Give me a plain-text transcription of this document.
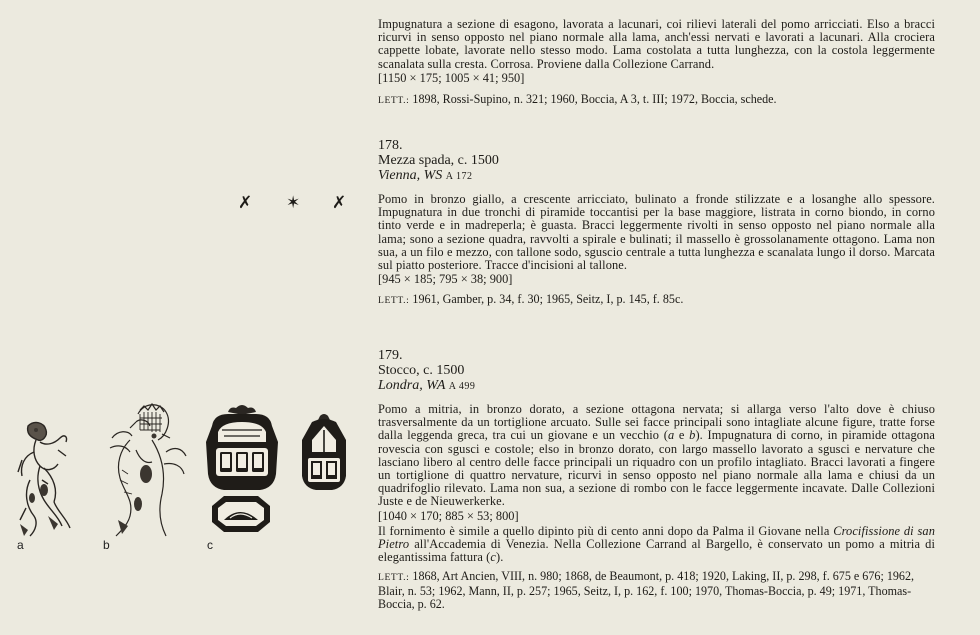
Impugnatura a sezione di esagono, lavorata a lacunari, coi rilievi laterali del pomo arricciati. Elso a bracci ricurvi in senso opposto nel piano normale alla lama, anch'essi nervati e lavorati a lacunari. Alla crociera cappette lobate, lavorate nello stesso modo. Lama costolata a tutta lunghezza, con la costola leggermente scanalata sulla cresta. Corrosa. Proviene dalla Collezione Carrand.

[1150 × 175; 1005 × 41; 950]
LETT.: 1898, Rossi-Supino, n. 321; 1960, Boccia, A 3, t. III; 1972, Boccia, schede.
178.
Mezza spada, c. 1500
Vienna, WS A 172

Pomo in bronzo giallo, a crescente arricciato, bulinato a fronde stilizzate e a losanghe allo spessore. Impugnatura in due tronchi di piramide toccantisi per la base maggiore, listrata in corno biondo, in corno tinto verde e in madreperla; è guasta. Bracci leggermente rivolti in senso opposto nel piano normale alla lama; sono a sezione quadra, ravvolti a spirale e bulinati; il massello è grossolanamente ottagono. Lama non sua, a un filo e mezzo, con tallone sodo, sguscio centrale a tutta lunghezza e scanalata lungo il dorso. Marcata sul piatto posteriore. Tracce d'incisioni al tallone.

[945 × 185; 795 × 38; 900]
LETT.: 1961, Gamber, p. 34, f. 30; 1965, Seitz, I, p. 145, f. 85c.
✗ ✶ ✗
179.
Stocco, c. 1500
Londra, WA A 499

Pomo a mitria, in bronzo dorato, a sezione ottagona nervata; si allarga verso l'alto dove è chiuso trasversalmente da un tortiglione arcuato. Sulle sei facce principali sono intagliate alcune figure, tratte forse dalla leggenda greca, tra cui un giovane e un vecchio (a e b). Impugnatura di corno, in piramide ottagona rovescia con sgusci e costole; elso in bronzo dorato, con largo massello lavorato a sgusci e nervature che lasciano libero al centro delle facce principali un riquadro con un profilo intagliato. Bracci lavorati a fingere un tortiglione di quattro nervature, ricurvi in senso opposto nel piano normale alla lama e chiusi da un quadrifoglio rilevato. Lama non sua, a sezione di rombo con le facce leggermente incavate. Dalle Collezioni Juste e de Nieuwerkerke.

[1040 × 170; 885 × 53; 800]

Il fornimento è simile a quello dipinto più di cento anni dopo da Palma il Giovane nella Crocifissione di san Pietro all'Accademia di Venezia. Nella Collezione Carrand al Bargello, è conservato un pomo a mitria di elegantissima fattura (c).

LETT.: 1868, Art Ancien, VIII, n. 980; 1868, de Beaumont, p. 418; 1920, Laking, II, p. 298, f. 675 e 676; 1962, Blair, n. 53; 1962, Mann, II, p. 257; 1965, Seitz, I, p. 162, f. 100; 1970, Thomas-Boccia, p. 49; 1971, Thomas-Boccia, p. 62.
a	b	c
